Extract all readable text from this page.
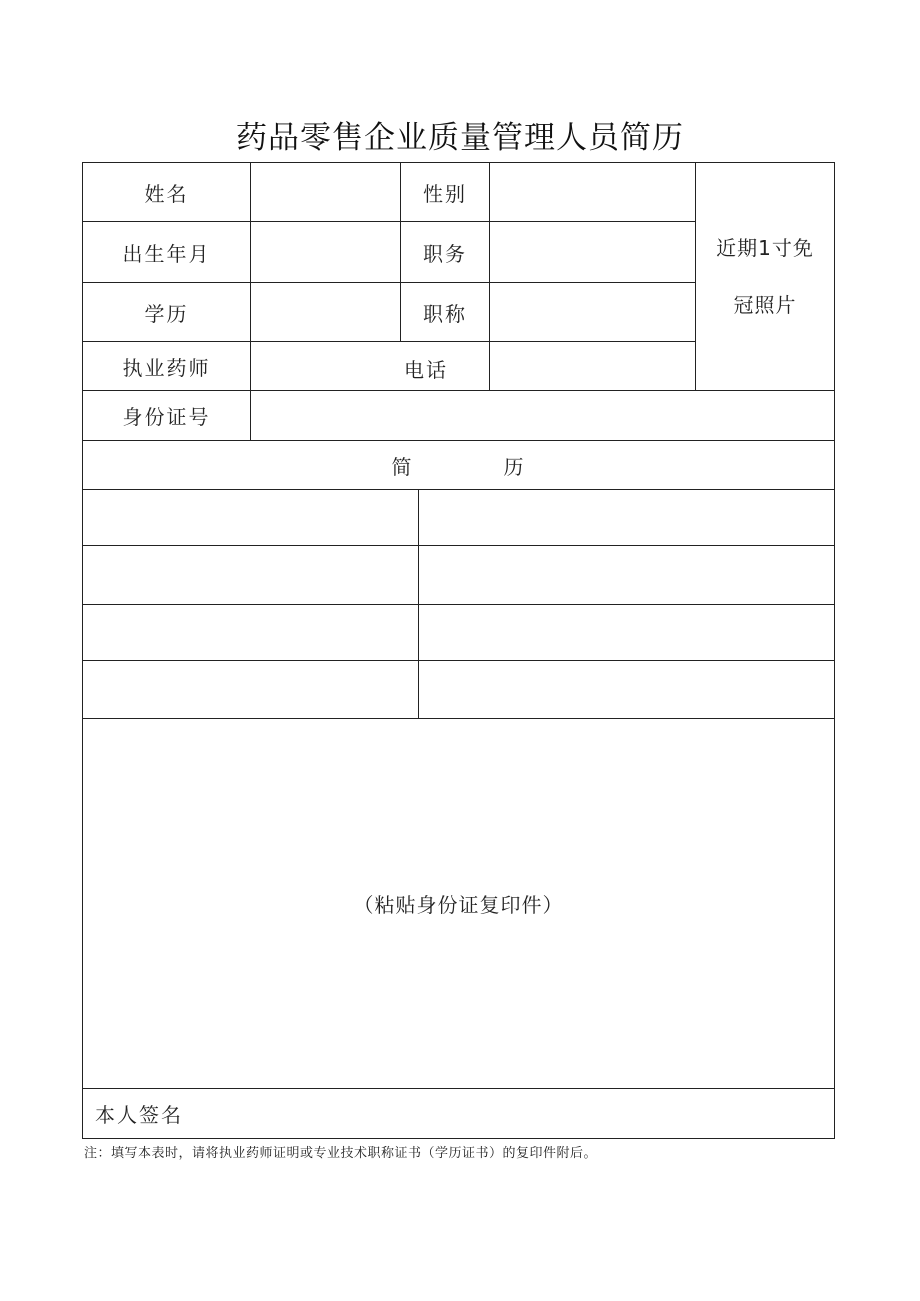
药品零售企业质量管理人员简历
姓名	性别
出生年月	职务
学历	职称
执业药师	电话
近期1寸免
冠照片
身份证号
简	历
（粘贴身份证复印件）
本人签名
注：填写本表时，请将执业药师证明或专业技术职称证书（学历证书）的复印件附后。
